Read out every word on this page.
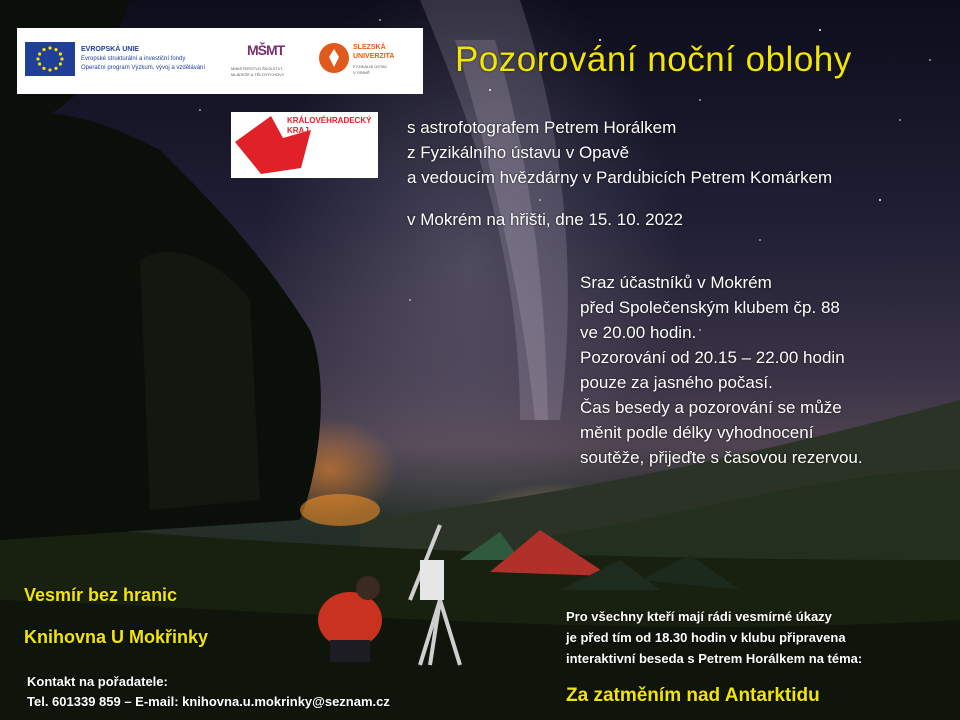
EVROPSKÁ UNIE
Evropské strukturální a investiční fondy
Operační program Výzkum, vývoj a vzdělávání
MŠMT
MINISTERSTVO ŠKOLSTVÍ,
MLÁDEŽE A TĚLOVÝCHOVY
SLEZSKÁ
UNIVERZITA
FYZIKÁLNÍ ÚSTAV
V OPAVĚ
KRÁLOVÉHRADECKÝ
KRAJ
Pozorování noční oblohy
s astrofotografem Petrem Horálkem
z Fyzikálního ústavu v Opavě
a vedoucím hvězdárny v Pardubicích Petrem Komárkem
v Mokrém na hřišti, dne 15. 10. 2022
Sraz účastníků v Mokrém
před Společenským klubem čp. 88
ve 20.00 hodin.
Pozorování od 20.15 – 22.00 hodin
pouze za jasného počasí.
Čas besedy a pozorování se může
měnit podle délky vyhodnocení
soutěže, přijeďte s časovou rezervou.
Vesmír bez hranic
Knihovna U Mokřinky
Kontakt na pořadatele:
Tel. 601339 859 – E-mail: knihovna.u.mokrinky@seznam.cz
Pro všechny kteří mají rádi vesmírné úkazy
je před tím od 18.30 hodin v klubu připravena
interaktivní beseda s Petrem Horálkem na téma:
Za zatměním nad Antarktidu
